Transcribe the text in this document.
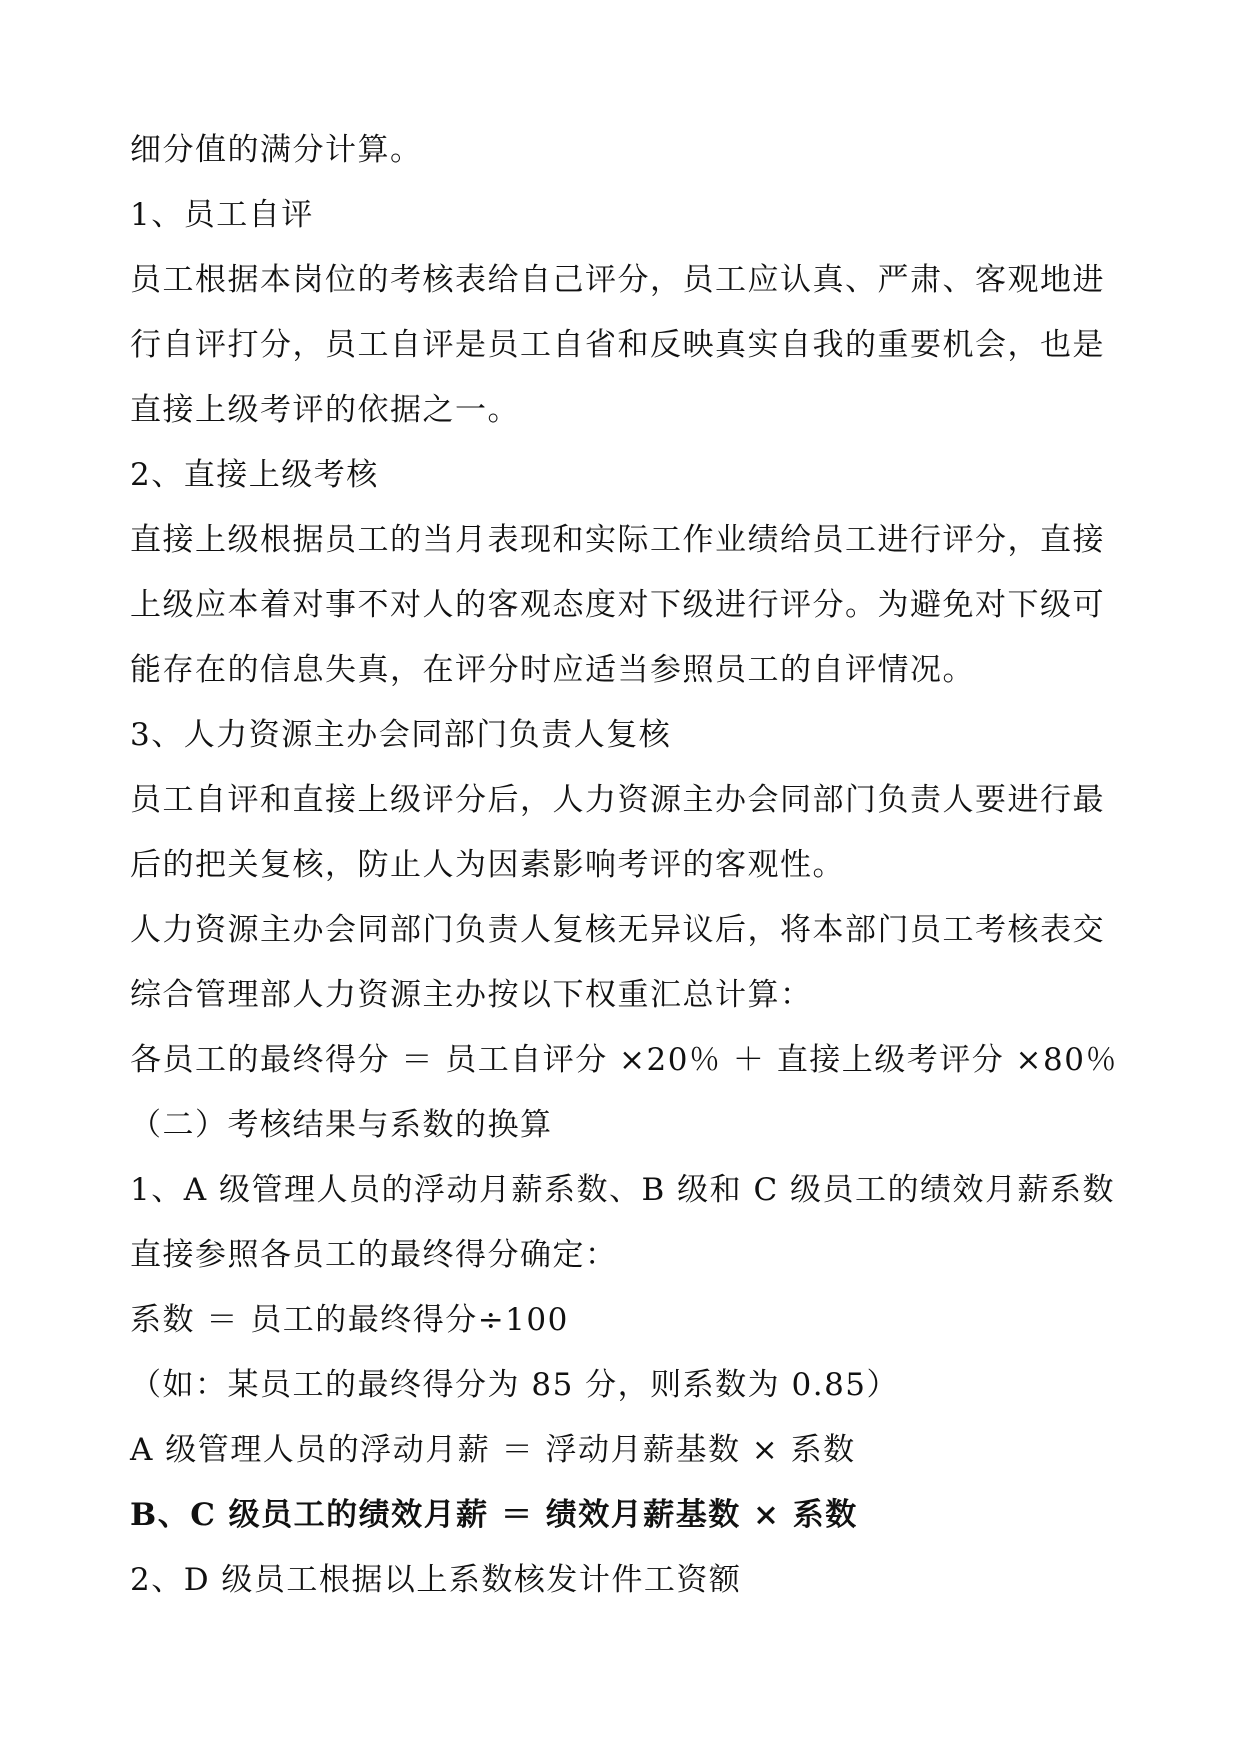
细分值的满分计算。

1、员工自评

员工根据本岗位的考核表给自己评分，员工应认真、严肃、客观地进

行自评打分，员工自评是员工自省和反映真实自我的重要机会，也是

直接上级考评的依据之一。

2、直接上级考核

直接上级根据员工的当月表现和实际工作业绩给员工进行评分，直接

上级应本着对事不对人的客观态度对下级进行评分。为避免对下级可

能存在的信息失真，在评分时应适当参照员工的自评情况。

3、人力资源主办会同部门负责人复核

员工自评和直接上级评分后，人力资源主办会同部门负责人要进行最

后的把关复核，防止人为因素影响考评的客观性。

人力资源主办会同部门负责人复核无异议后，将本部门员工考核表交

综合管理部人力资源主办按以下权重汇总计算：

各员工的最终得分 ＝ 员工自评分 ×20％ ＋ 直接上级考评分 ×80％

（二）考核结果与系数的换算

1、A 级管理人员的浮动月薪系数、B 级和 C 级员工的绩效月薪系数

直接参照各员工的最终得分确定：

系数 ＝ 员工的最终得分÷100

（如：某员工的最终得分为 85 分，则系数为 0.85）

A 级管理人员的浮动月薪 ＝ 浮动月薪基数 × 系数

B、C 级员工的绩效月薪 ＝ 绩效月薪基数 × 系数

2、D 级员工根据以上系数核发计件工资额
